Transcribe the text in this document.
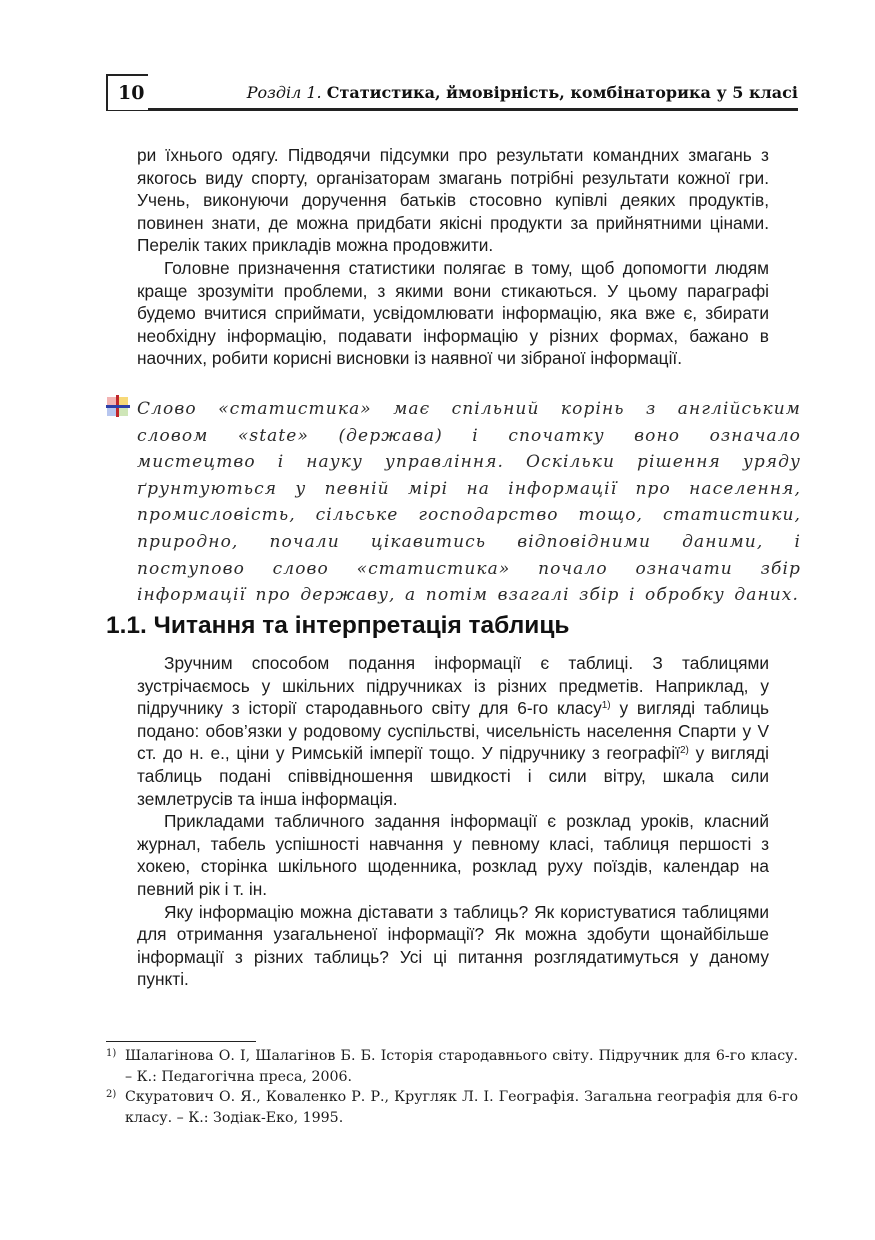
10	Розділ 1. Статистика, ймовірність, комбінаторика у 5 класі

ри їхнього одягу. Підводячи підсумки про результати командних змагань з якогось виду спорту, організаторам змагань потрібні результати кожної гри. Учень, виконуючи доручення батьків стосовно купівлі деяких продуктів, повинен знати, де можна придбати якісні продукти за прийнятними цінами. Перелік таких прикладів можна продовжити.

Головне призначення статистики полягає в тому, щоб допомогти людям краще зрозуміти проблеми, з якими вони стикаються. У цьому параграфі будемо вчитися сприймати, усвідомлювати інформацію, яка вже є, збирати необхідну інформацію, подавати інформацію у різних формах, бажано в наочних, робити корисні висновки із наявної чи зібраної інформації.

Слово «статистика» має спільний корінь з англійським словом «state» (держава) і спочатку воно означало мистецтво і науку управління. Оскільки рішення уряду ґрунтуються у певній мірі на інформації про населення, промисловість, сільське господарство тощо, статистики, природно, почали цікавитись відповідними даними, і поступово слово «статистика» почало означати збір інформації про державу, а потім взагалі збір і обробку даних.

1.1. Читання та інтерпретація таблиць

Зручним способом подання інформації є таблиці. З таблицями зустрічаємось у шкільних підручниках із різних предметів. Наприклад, у підручнику з історії стародавнього світу для 6-го класу$^{1)}$ у вигляді таблиць подано: обов’язки у родовому суспільстві, чисельність населення Спарти у V ст. до н. е., ціни у Римській імперії тощо. У підручнику з географії$^{2)}$ у вигляді таблиць подані співвідношення швидкості і сили вітру, шкала сили землетрусів та інша інформація.

Прикладами табличного задання інформації є розклад уроків, класний журнал, табель успішності навчання у певному класі, таблиця першості з хокею, сторінка шкільного щоденника, розклад руху поїздів, календар на певний рік і т. ін.

Яку інформацію можна діставати з таблиць? Як користуватися таблицями для отримання узагальненої інформації? Як можна здобути щонайбільше інформації з різних таблиць? Усі ці питання розглядатимуться у даному пункті.

1) Шалагінова О. І, Шалагінов Б. Б. Історія стародавнього світу. Підручник для 6-го класу. – К.: Педагогічна преса, 2006.

2) Скуратович О. Я., Коваленко Р. Р., Кругляк Л. І. Географія. Загальна географія для 6-го класу. – К.: Зодіак-Еко, 1995.
